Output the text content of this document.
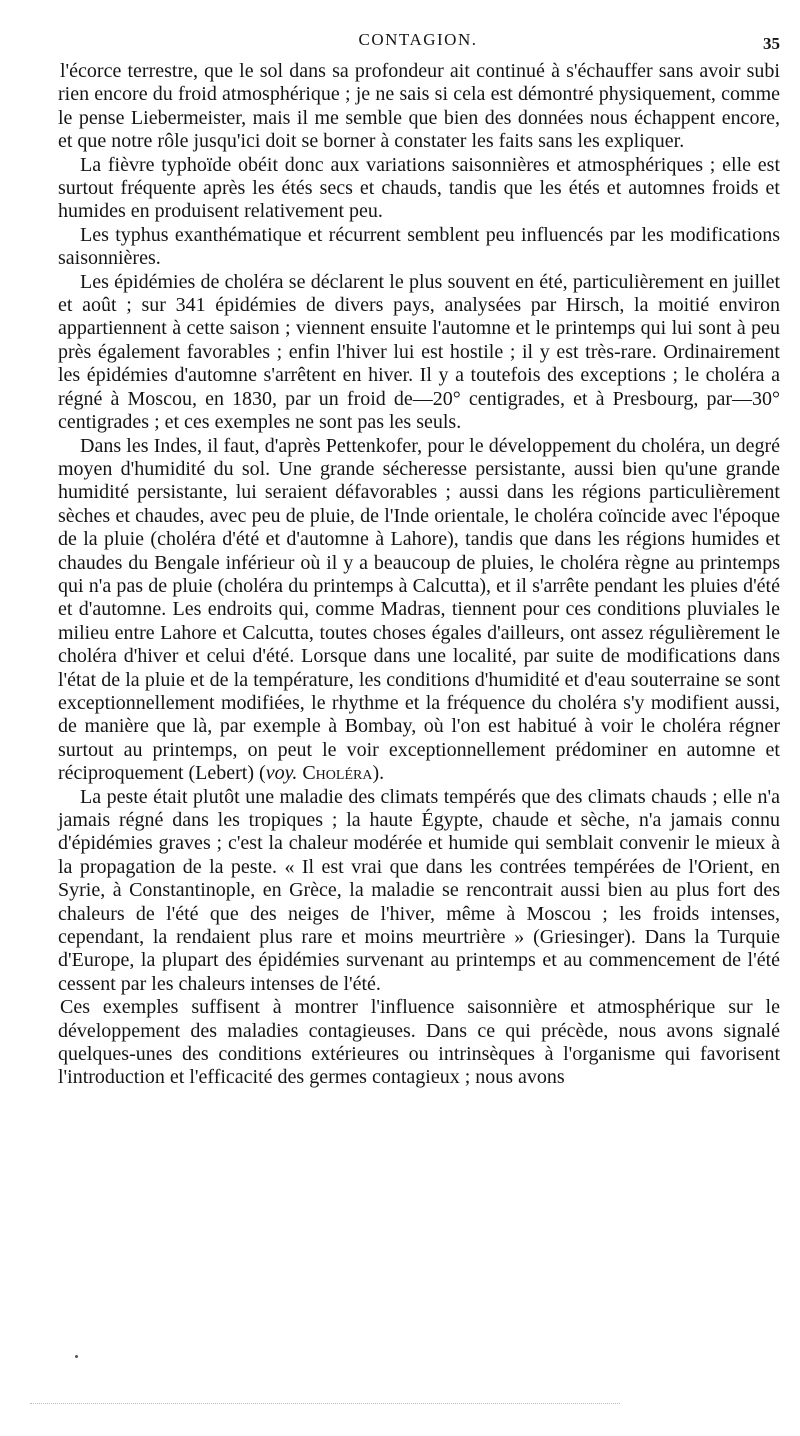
CONTAGION.	35

l'écorce terrestre, que le sol dans sa profondeur ait continué à s'échauffer sans avoir subi rien encore du froid atmosphérique ; je ne sais si cela est démontré physiquement, comme le pense Liebermeister, mais il me semble que bien des données nous échappent encore, et que notre rôle jusqu'ici doit se borner à constater les faits sans les expliquer.

La fièvre typhoïde obéit donc aux variations saisonnières et atmosphériques ; elle est surtout fréquente après les étés secs et chauds, tandis que les étés et automnes froids et humides en produisent relativement peu.

Les typhus exanthématique et récurrent semblent peu influencés par les modifications saisonnières.

Les épidémies de choléra se déclarent le plus souvent en été, particulièrement en juillet et août ; sur 341 épidémies de divers pays, analysées par Hirsch, la moitié environ appartiennent à cette saison ; viennent ensuite l'automne et le printemps qui lui sont à peu près également favorables ; enfin l'hiver lui est hostile ; il y est très-rare. Ordinairement les épidémies d'automne s'arrêtent en hiver. Il y a toutefois des exceptions ; le choléra a régné à Moscou, en 1830, par un froid de—20° centigrades, et à Presbourg, par—30° centigrades ; et ces exemples ne sont pas les seuls.

Dans les Indes, il faut, d'après Pettenkofer, pour le développement du choléra, un degré moyen d'humidité du sol. Une grande sécheresse persistante, aussi bien qu'une grande humidité persistante, lui seraient défavorables ; aussi dans les régions particulièrement sèches et chaudes, avec peu de pluie, de l'Inde orientale, le choléra coïncide avec l'époque de la pluie (choléra d'été et d'automne à Lahore), tandis que dans les régions humides et chaudes du Bengale inférieur où il y a beaucoup de pluies, le choléra règne au printemps qui n'a pas de pluie (choléra du printemps à Calcutta), et il s'arrête pendant les pluies d'été et d'automne. Les endroits qui, comme Madras, tiennent pour ces conditions pluviales le milieu entre Lahore et Calcutta, toutes choses égales d'ailleurs, ont assez régulièrement le choléra d'hiver et celui d'été. Lorsque dans une localité, par suite de modifications dans l'état de la pluie et de la température, les conditions d'humidité et d'eau souterraine se sont exceptionnellement modifiées, le rhythme et la fréquence du choléra s'y modifient aussi, de manière que là, par exemple à Bombay, où l'on est habitué à voir le choléra régner surtout au printemps, on peut le voir exceptionnellement prédominer en automne et réciproquement (Lebert) (voy. Choléra).

La peste était plutôt une maladie des climats tempérés que des climats chauds ; elle n'a jamais régné dans les tropiques ; la haute Égypte, chaude et sèche, n'a jamais connu d'épidémies graves ; c'est la chaleur modérée et humide qui semblait convenir le mieux à la propagation de la peste. « Il est vrai que dans les contrées tempérées de l'Orient, en Syrie, à Constantinople, en Grèce, la maladie se rencontrait aussi bien au plus fort des chaleurs de l'été que des neiges de l'hiver, même à Moscou ; les froids intenses, cependant, la rendaient plus rare et moins meurtrière » (Griesinger). Dans la Turquie d'Europe, la plupart des épidémies survenant au printemps et au commencement de l'été cessent par les chaleurs intenses de l'été.

Ces exemples suffisent à montrer l'influence saisonnière et atmosphérique sur le développement des maladies contagieuses. Dans ce qui précède, nous avons signalé quelques-unes des conditions extérieures ou intrinsèques à l'organisme qui favorisent l'introduction et l'efficacité des germes contagieux ; nous avons
